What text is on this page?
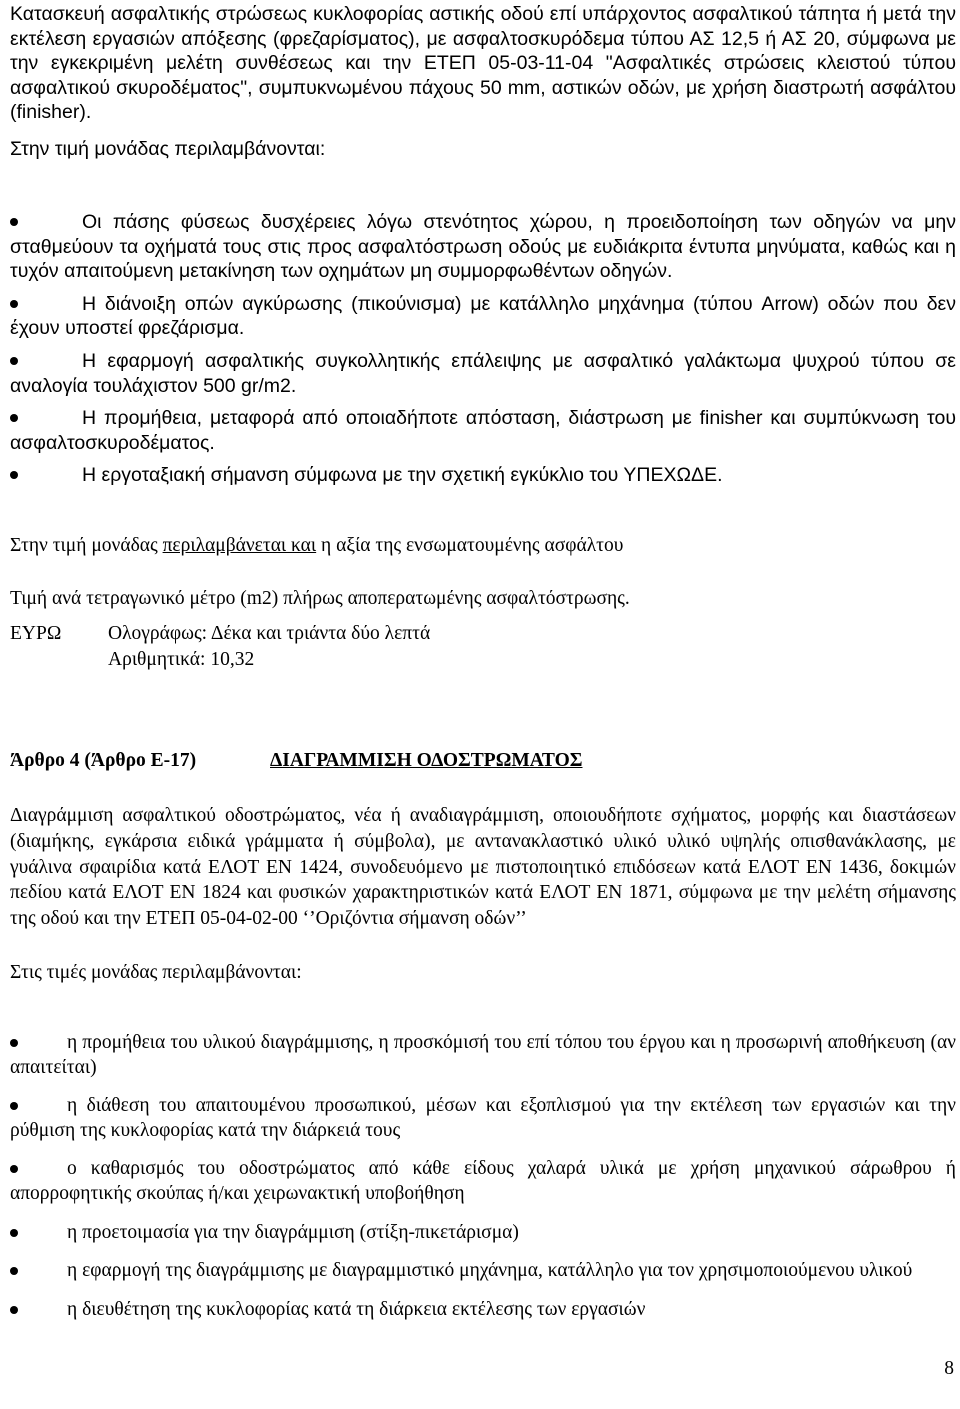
Κατασκευή ασφαλτικής στρώσεως κυκλοφορίας αστικής οδού επί υπάρχοντος ασφαλτικού τάπητα ή μετά την εκτέλεση εργασιών απόξεσης (φρεζαρίσματος), με ασφαλτοσκυρόδεμα τύπου ΑΣ 12,5 ή ΑΣ 20, σύμφωνα με την εγκεκριμένη μελέτη συνθέσεως και την ΕΤΕΠ 05-03-11-04 "Ασφαλτικές στρώσεις κλειστού τύπου ασφαλτικού σκυροδέματος", συμπυκνωμένου πάχους 50 mm, αστικών οδών, με χρήση διαστρωτή ασφάλτου (finisher).

Στην τιμή μονάδας περιλαμβάνονται:

Οι πάσης φύσεως δυσχέρειες λόγω στενότητος χώρου, η προειδοποίηση των οδηγών να μην σταθμεύουν τα οχήματά τους στις προς ασφαλτόστρωση οδούς με ευδιάκριτα έντυπα μηνύματα, καθώς και η τυχόν απαιτούμενη μετακίνηση των οχημάτων μη συμμορφωθέντων οδηγών.
Η διάνοιξη οπών αγκύρωσης (πικούνισμα) με κατάλληλο μηχάνημα (τύπου Arrow) οδών που δεν έχουν υποστεί φρεζάρισμα.
Η εφαρμογή ασφαλτικής συγκολλητικής επάλειψης με ασφαλτικό γαλάκτωμα ψυχρού τύπου σε αναλογία τουλάχιστον 500 gr/m2.
Η προμήθεια, μεταφορά από οποιαδήποτε απόσταση, διάστρωση με finisher και συμπύκνωση του ασφαλτοσκυροδέματος.
Η εργοταξιακή σήμανση σύμφωνα με την σχετική εγκύκλιο του ΥΠΕΧΩΔΕ.

Στην τιμή μονάδας περιλαμβάνεται και η αξία της ενσωματουμένης ασφάλτου

Τιμή ανά τετραγωνικό μέτρο (m2) πλήρως αποπερατωμένης ασφαλτόστρωσης.

ΕΥΡΩ Ολογράφως: Δέκα και τριάντα δύο λεπτά
Αριθμητικά: 10,32
Άρθρο 4 (Άρθρο Ε-17)	ΔΙΑΓΡΑΜΜΙΣΗ ΟΔΟΣΤΡΩΜΑΤΟΣ

Διαγράμμιση ασφαλτικού οδοστρώματος, νέα ή αναδιαγράμμιση, οποιουδήποτε σχήματος, μορφής και διαστάσεων (διαμήκης, εγκάρσια ειδικά γράμματα ή σύμβολα), με αντανακλαστικό υλικό υλικό υψηλής οπισθανάκλασης, με γυάλινα σφαιρίδια κατά ΕΛΟΤ ΕΝ 1424, συνοδευόμενο με πιστοποιητικό επιδόσεων κατά ΕΛΟΤ ΕΝ 1436, δοκιμών πεδίου κατά ΕΛΟΤ ΕΝ 1824 και φυσικών χαρακτηριστικών κατά ΕΛΟΤ ΕΝ 1871, σύμφωνα με την μελέτη σήμανσης της οδού και την ΕΤΕΠ 05-04-02-00 ‘’Οριζόντια σήμανση οδών’’

Στις τιμές μονάδας περιλαμβάνονται:

η προμήθεια του υλικού διαγράμμισης, η προσκόμισή του επί τόπου του έργου και η προσωρινή αποθήκευση (αν απαιτείται)
η διάθεση του απαιτουμένου προσωπικού, μέσων και εξοπλισμού για την εκτέλεση των εργασιών και την ρύθμιση της κυκλοφορίας κατά την διάρκειά τους
ο καθαρισμός του οδοστρώματος από κάθε είδους χαλαρά υλικά με χρήση μηχανικού σάρωθρου ή απορροφητικής σκούπας ή/και χειρωνακτική υποβοήθηση
η προετοιμασία για την διαγράμμιση (στίξη-πικετάρισμα)
η εφαρμογή της διαγράμμισης με διαγραμμιστικό μηχάνημα, κατάλληλο για τον χρησιμοποιούμενου υλικού
η διευθέτηση της κυκλοφορίας κατά τη διάρκεια εκτέλεσης των εργασιών
8
